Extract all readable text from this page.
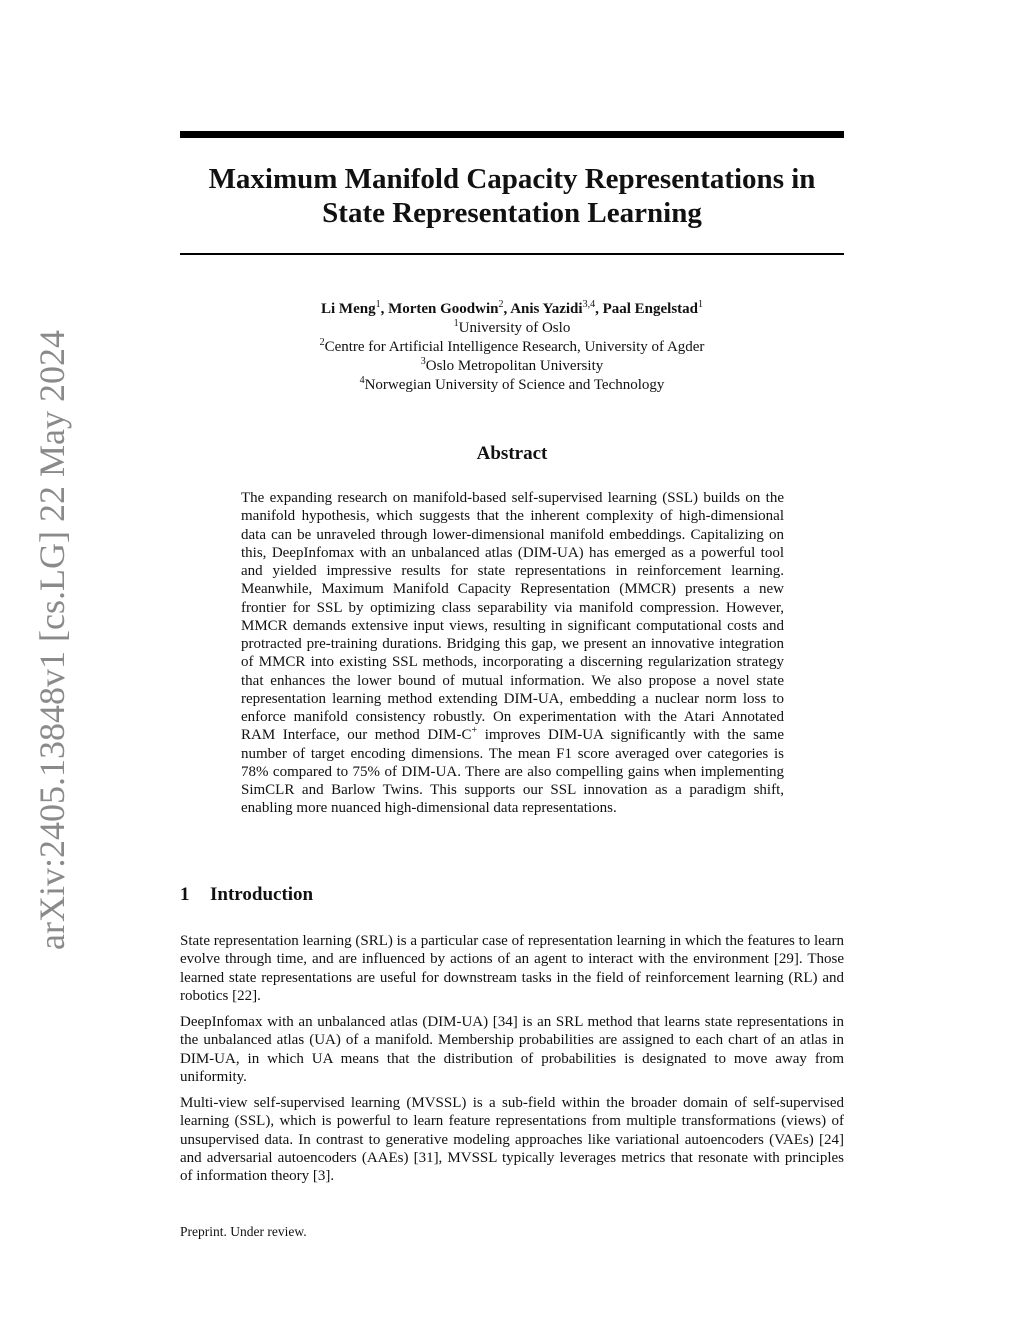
arXiv:2405.13848v1 [cs.LG] 22 May 2024
Maximum Manifold Capacity Representations in
State Representation Learning
Li Meng$^1$, Morten Goodwin$^2$, Anis Yazidi$^{3,4}$, Paal Engelstad$^1$
$^1$University of Oslo
$^2$Centre for Artificial Intelligence Research, University of Agder
$^3$Oslo Metropolitan University
$^4$Norwegian University of Science and Technology
Abstract

The expanding research on manifold-based self-supervised learning (SSL) builds on the manifold hypothesis, which suggests that the inherent complexity of high-dimensional data can be unraveled through lower-dimensional manifold embeddings. Capitalizing on this, DeepInfomax with an unbalanced atlas (DIM-UA) has emerged as a powerful tool and yielded impressive results for state representations in reinforcement learning. Meanwhile, Maximum Manifold Capacity Representation (MMCR) presents a new frontier for SSL by optimizing class separability via manifold compression. However, MMCR demands extensive input views, resulting in significant computational costs and protracted pre-training durations. Bridging this gap, we present an innovative integration of MMCR into existing SSL methods, incorporating a discerning regularization strategy that enhances the lower bound of mutual information. We also propose a novel state representation learning method extending DIM-UA, embedding a nuclear norm loss to enforce manifold consistency robustly. On experimentation with the Atari Annotated RAM Interface, our method DIM-C+ improves DIM-UA significantly with the same number of target encoding dimensions. The mean F1 score averaged over categories is 78% compared to 75% of DIM-UA. There are also compelling gains when implementing SimCLR and Barlow Twins. This supports our SSL innovation as a paradigm shift, enabling more nuanced high-dimensional data representations.

1 Introduction

State representation learning (SRL) is a particular case of representation learning in which the features to learn evolve through time, and are influenced by actions of an agent to interact with the environment [29]. Those learned state representations are useful for downstream tasks in the field of reinforcement learning (RL) and robotics [22].

DeepInfomax with an unbalanced atlas (DIM-UA) [34] is an SRL method that learns state representations in the unbalanced atlas (UA) of a manifold. Membership probabilities are assigned to each chart of an atlas in DIM-UA, in which UA means that the distribution of probabilities is designated to move away from uniformity.

Multi-view self-supervised learning (MVSSL) is a sub-field within the broader domain of self-supervised learning (SSL), which is powerful to learn feature representations from multiple transformations (views) of unsupervised data. In contrast to generative modeling approaches like variational autoencoders (VAEs) [24] and adversarial autoencoders (AAEs) [31], MVSSL typically leverages metrics that resonate with principles of information theory [3].

Preprint. Under review.
